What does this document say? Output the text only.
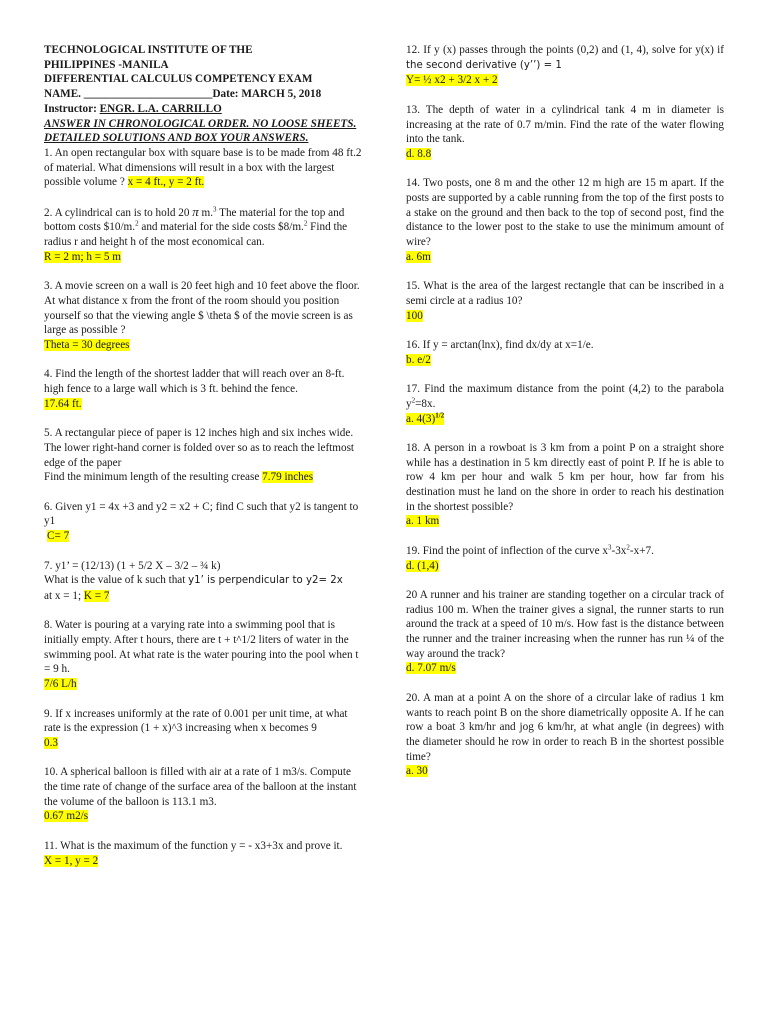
TECHNOLOGICAL INSTITUTE OF THE
PHILIPPINES -MANILA
DIFFERENTIAL CALCULUS COMPETENCY EXAM
NAME. _______________________Date: MARCH 5, 2018
Instructor: ENGR. L.A. CARRILLO
ANSWER IN CHRONOLOGICAL ORDER. NO LOOSE SHEETS. DETAILED SOLUTIONS AND BOX YOUR ANSWERS.

1. An open rectangular box with square base is to be made from 48 ft.2 of material. What dimensions will result in a box with the largest possible volume ? x = 4 ft., y = 2 ft.

2. A cylindrical can is to hold 20 π m.$^3$ The material for the top and bottom costs $10/m.$^2$ and material for the side costs $8/m.$^2$ Find the radius r and height h of the most economical can.

R = 2 m; h = 5 m

3. A movie screen on a wall is 20 feet high and 10 feet above the floor. At what distance x from the front of the room should you position yourself so that the viewing angle $ \theta $ of the movie screen is as large as possible ?

Theta = 30 degrees

4. Find the length of the shortest ladder that will reach over an 8-ft. high fence to a large wall which is 3 ft. behind the fence.

17.64 ft.

5. A rectangular piece of paper is 12 inches high and six inches wide. The lower right-hand corner is folded over so as to reach the leftmost edge of the paper

Find the minimum length of the resulting crease 7.79 inches

6. Given y1 = 4x +3 and y2 = x2 + C; find C such that y2 is tangent to y1

C= 7

7. y1’ = (12/13) (1 + 5/2 X – 3/2 – ¾ k)

What is the value of k such that y1’ is perpendicular to y2= 2x

at x = 1; K = 7

8. Water is pouring at a varying rate into a swimming pool that is initially empty. After t hours, there are t + t^1/2 liters of water in the swimming pool. At what rate is the water pouring into the pool when t = 9 h.

7/6 L/h

9. If x increases uniformly at the rate of 0.001 per unit time, at what rate is the expression (1 + x)^3 increasing when x becomes 9

0.3

10. A spherical balloon is filled with air at a rate of 1 m3/s. Compute the time rate of change of the surface area of the balloon at the instant the volume of the balloon is 113.1 m3.

0.67 m2/s

11. What is the maximum of the function y = - x3+3x and prove it.

X = 1, y = 2

12. If y (x) passes through the points (0,2) and (1, 4), solve for y(x) if the second derivative (y’’) = 1

Y= ½ x2 + 3/2 x + 2

13. The depth of water in a cylindrical tank 4 m in diameter is increasing at the rate of 0.7 m/min. Find the rate of the water flowing into the tank.

d. 8.8

14. Two posts, one 8 m and the other 12 m high are 15 m apart. If the posts are supported by a cable running from the top of the first posts to a stake on the ground and then back to the top of second post, find the distance to the lower post to the stake to use the minimum amount of wire?

a. 6m

15. What is the area of the largest rectangle that can be inscribed in a semi circle at a radius 10?

100

16. If y = arctan(lnx), find dx/dy at x=1/e.

b. e/2

17. Find the maximum distance from the point (4,2) to the parabola $y^2=8x$.

a. $4(3)^{1/2}$

18. A person in a rowboat is 3 km from a point P on a straight shore while has a destination in 5 km directly east of point P. If he is able to row 4 km per hour and walk 5 km per hour, how far from his destination must he land on the shore in order to reach his destination in the shortest possible?

a. 1 km

19. Find the point of inflection of the curve $x^3-3x^2-x+7$.

d. (1,4)

20 A runner and his trainer are standing together on a circular track of radius 100 m. When the trainer gives a signal, the runner starts to run around the track at a speed of 10 m/s. How fast is the distance between the runner and the trainer increasing when the runner has run ¼ of the way around the track?

d. 7.07 m/s

20. A man at a point A on the shore of a circular lake of radius 1 km wants to reach point B on the shore diametrically opposite A. If he can row a boat 3 km/hr and jog 6 km/hr, at what angle (in degrees) with the diameter should he row in order to reach B in the shortest possible time?

a. 30
